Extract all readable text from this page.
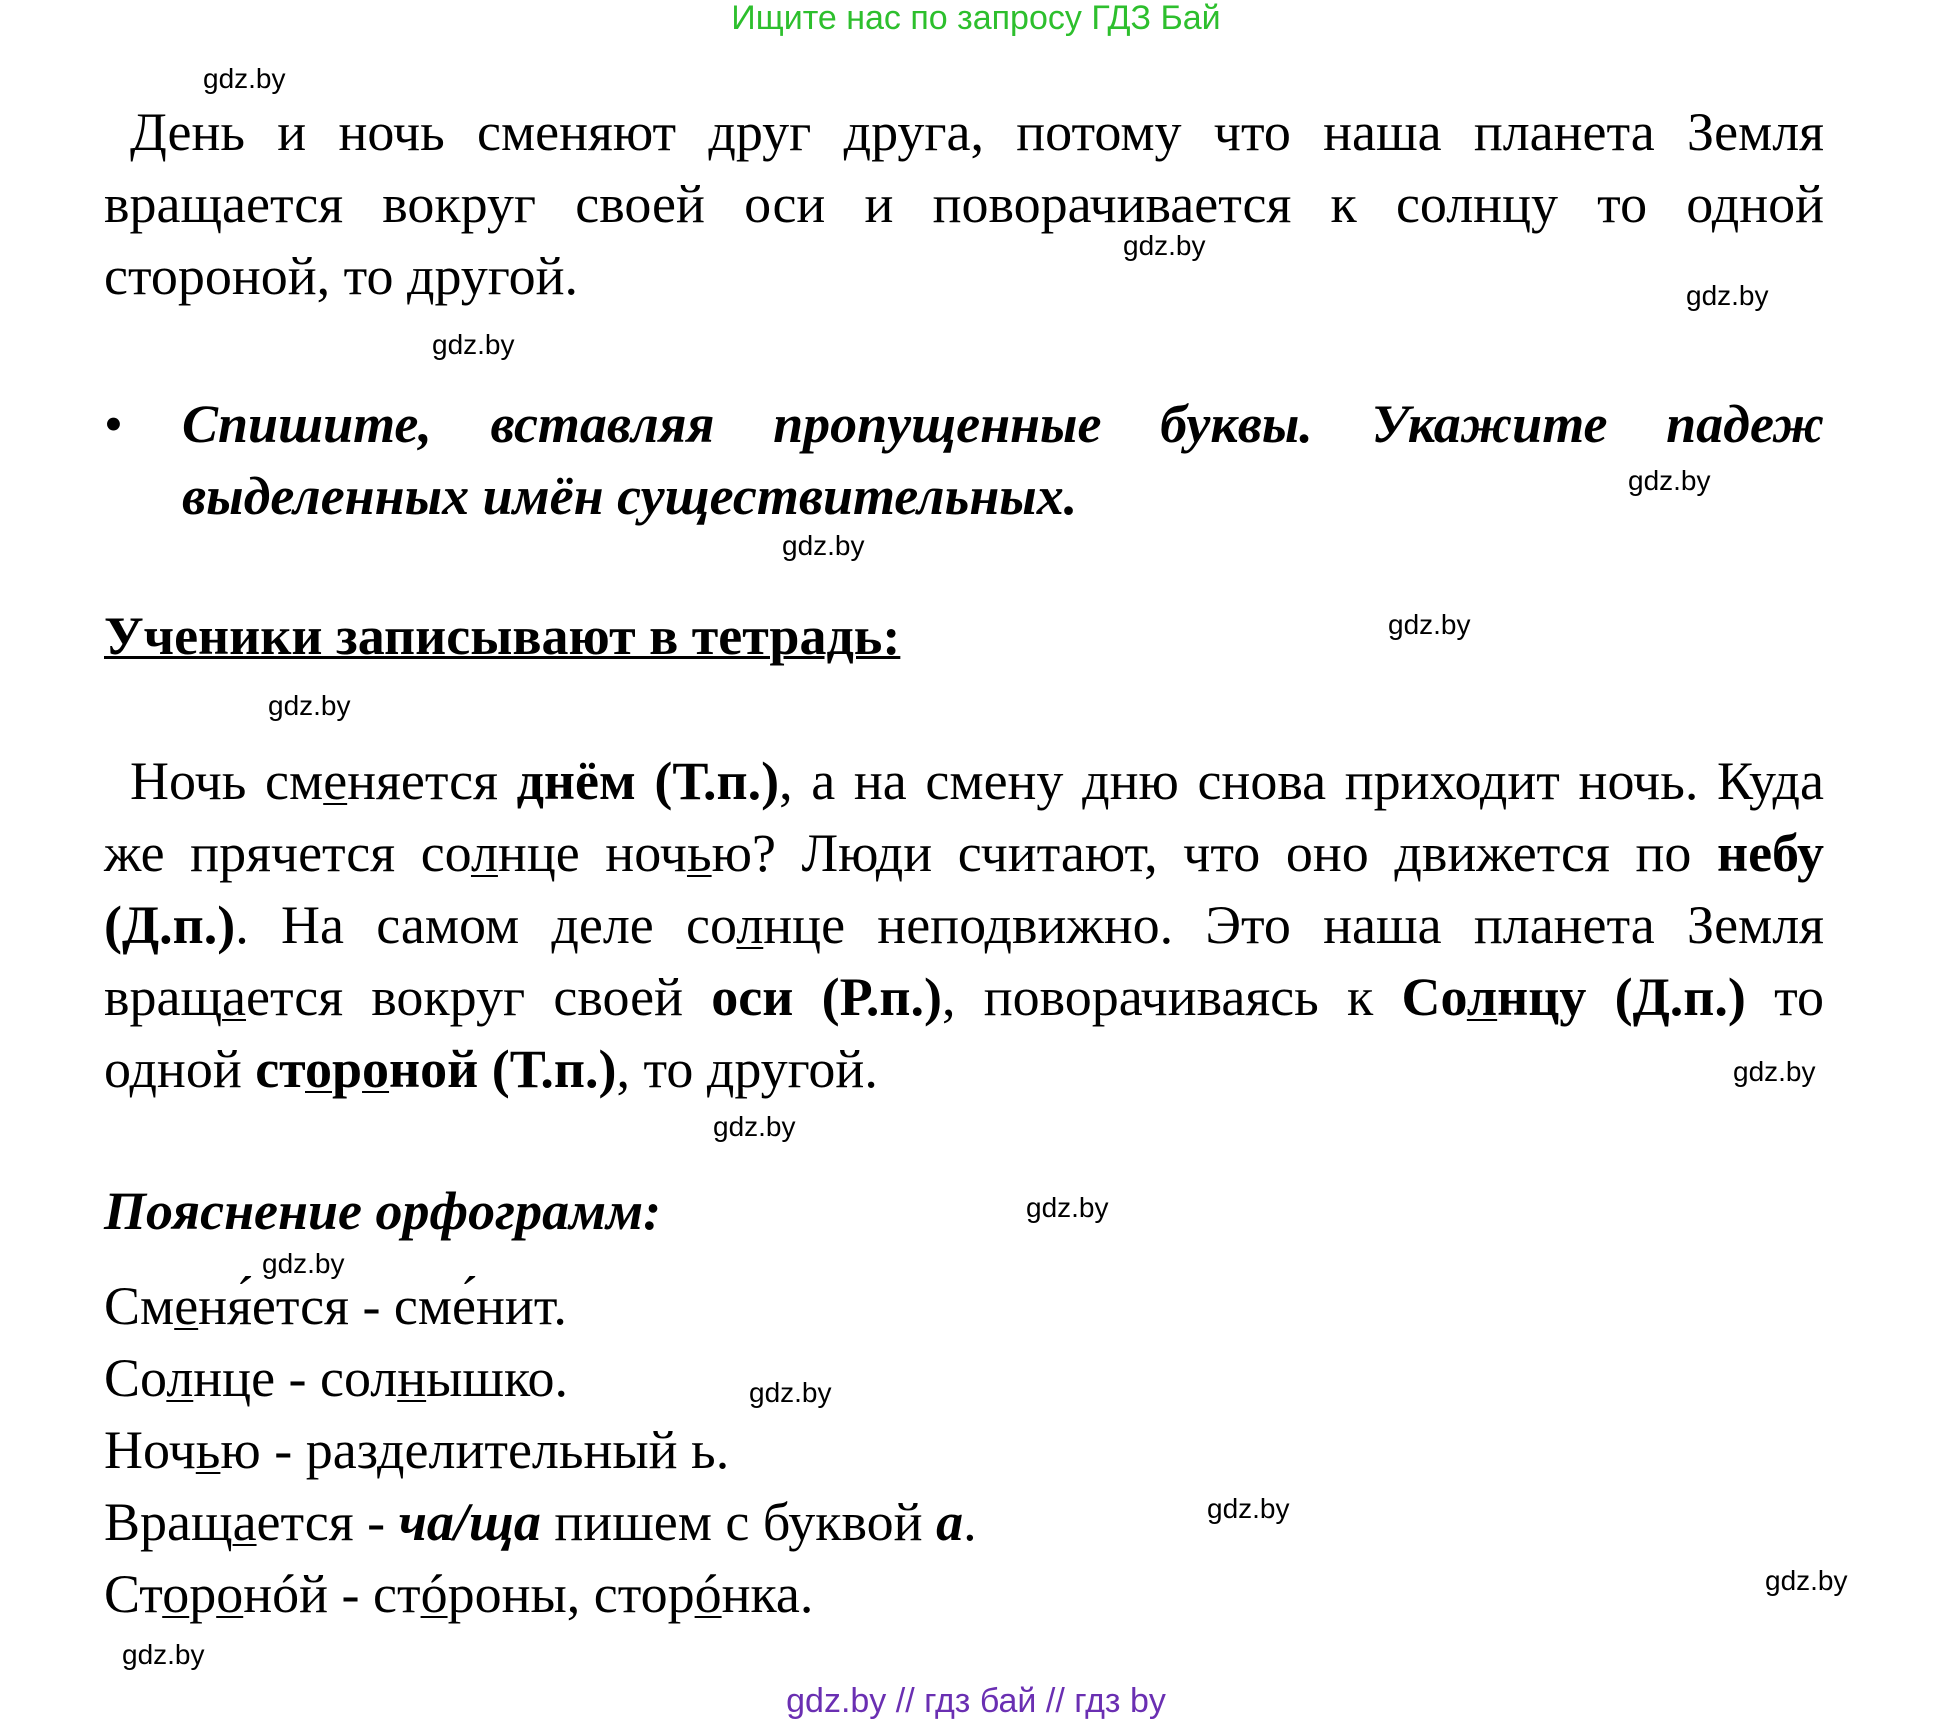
Ищите нас по запросу ГДЗ Бай
gdz.by
gdz.by
gdz.by
gdz.by
gdz.by
gdz.by
gdz.by
gdz.by
gdz.by
gdz.by
gdz.by
gdz.by
gdz.by
gdz.by
gdz.by
gdz.by

День и ночь сменяют друг друга, потому что наша планета Земля вращается вокруг своей оси и поворачивается к солнцу то одной стороной, то другой.

• Спишите, вставляя пропущенные буквы. Укажите падеж выделенных имён существительных.

Ученики записывают в тетрадь:

Ночь сменяется днём (Т.п.), а на смену дню снова приходит ночь. Куда же прячется солнце ночью? Люди считают, что оно движется по небу (Д.п.). На самом деле солнце неподвижно. Это наша планета Земля вращается вокруг своей оси (Р.п.), поворачиваясь к Солнцу (Д.п.) то одной стороной (Т.п.), то другой.

Пояснение орфограмм:
Сменя́ется - сме́нит.
Солнце - солнышко.
Ночью - разделительный ь.
Вращается - ча/ща пишем с буквой а.
Сторонóй - стóроны, сторóнка.
gdz.by // гдз бай // гдз by
